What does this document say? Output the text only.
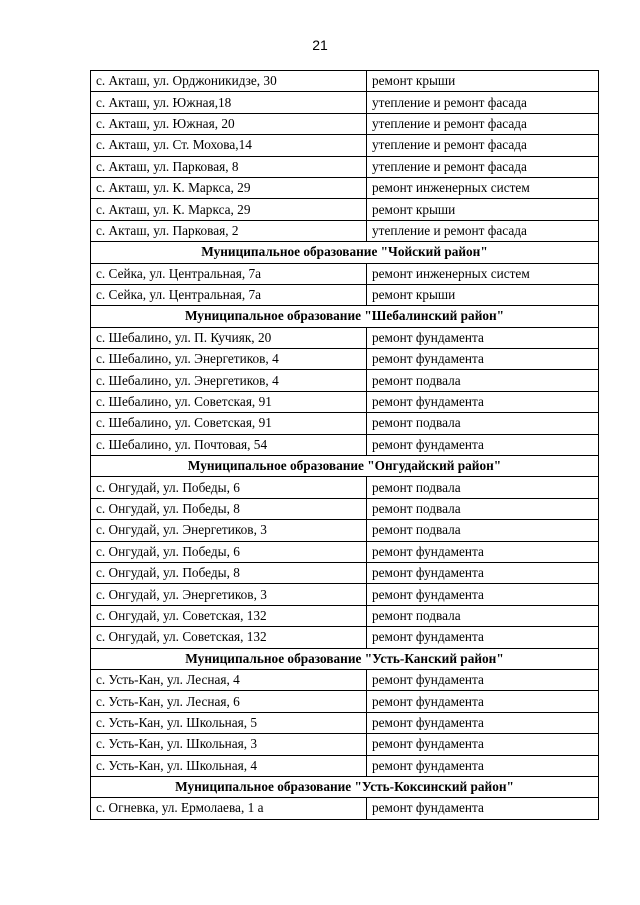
21
с. Акташ, ул. Орджоникидзе, 30	ремонт крыши
с. Акташ, ул. Южная,18	утепление и ремонт фасада
с. Акташ, ул. Южная, 20	утепление и ремонт фасада
с. Акташ, ул. Ст. Мохова,14	утепление и ремонт фасада
с. Акташ, ул. Парковая, 8	утепление и ремонт фасада
с. Акташ, ул. К. Маркса, 29	ремонт инженерных систем
с. Акташ, ул. К. Маркса, 29	ремонт крыши
с. Акташ, ул. Парковая, 2	утепление и ремонт фасада
Муниципальное образование "Чойский район"	
с. Сейка, ул. Центральная, 7а	ремонт инженерных систем
с. Сейка, ул. Центральная, 7а	ремонт крыши
Муниципальное образование "Шебалинский район"	
с. Шебалино, ул. П. Кучияк, 20	ремонт фундамента
с. Шебалино, ул. Энергетиков, 4	ремонт фундамента
с. Шебалино, ул. Энергетиков, 4	ремонт подвала
с. Шебалино, ул. Советская, 91	ремонт фундамента
с. Шебалино, ул. Советская, 91	ремонт подвала
с. Шебалино, ул. Почтовая, 54	ремонт фундамента
Муниципальное образование "Онгудайский район"	
с. Онгудай, ул. Победы, 6	ремонт подвала
с. Онгудай, ул. Победы, 8	ремонт подвала
с. Онгудай, ул. Энергетиков, 3	ремонт подвала
с. Онгудай, ул. Победы, 6	ремонт фундамента
с. Онгудай, ул. Победы, 8	ремонт фундамента
с. Онгудай, ул. Энергетиков, 3	ремонт фундамента
с. Онгудай, ул. Советская, 132	ремонт подвала
с. Онгудай, ул. Советская, 132	ремонт фундамента
Муниципальное образование "Усть-Канский район"	
с. Усть-Кан, ул. Лесная, 4	ремонт фундамента
с. Усть-Кан, ул. Лесная, 6	ремонт фундамента
с. Усть-Кан, ул. Школьная, 5	ремонт фундамента
с. Усть-Кан, ул. Школьная, 3	ремонт фундамента
с. Усть-Кан, ул. Школьная, 4	ремонт фундамента
Муниципальное образование "Усть-Коксинский район"	
с. Огневка, ул. Ермолаева, 1 а	ремонт фундамента
